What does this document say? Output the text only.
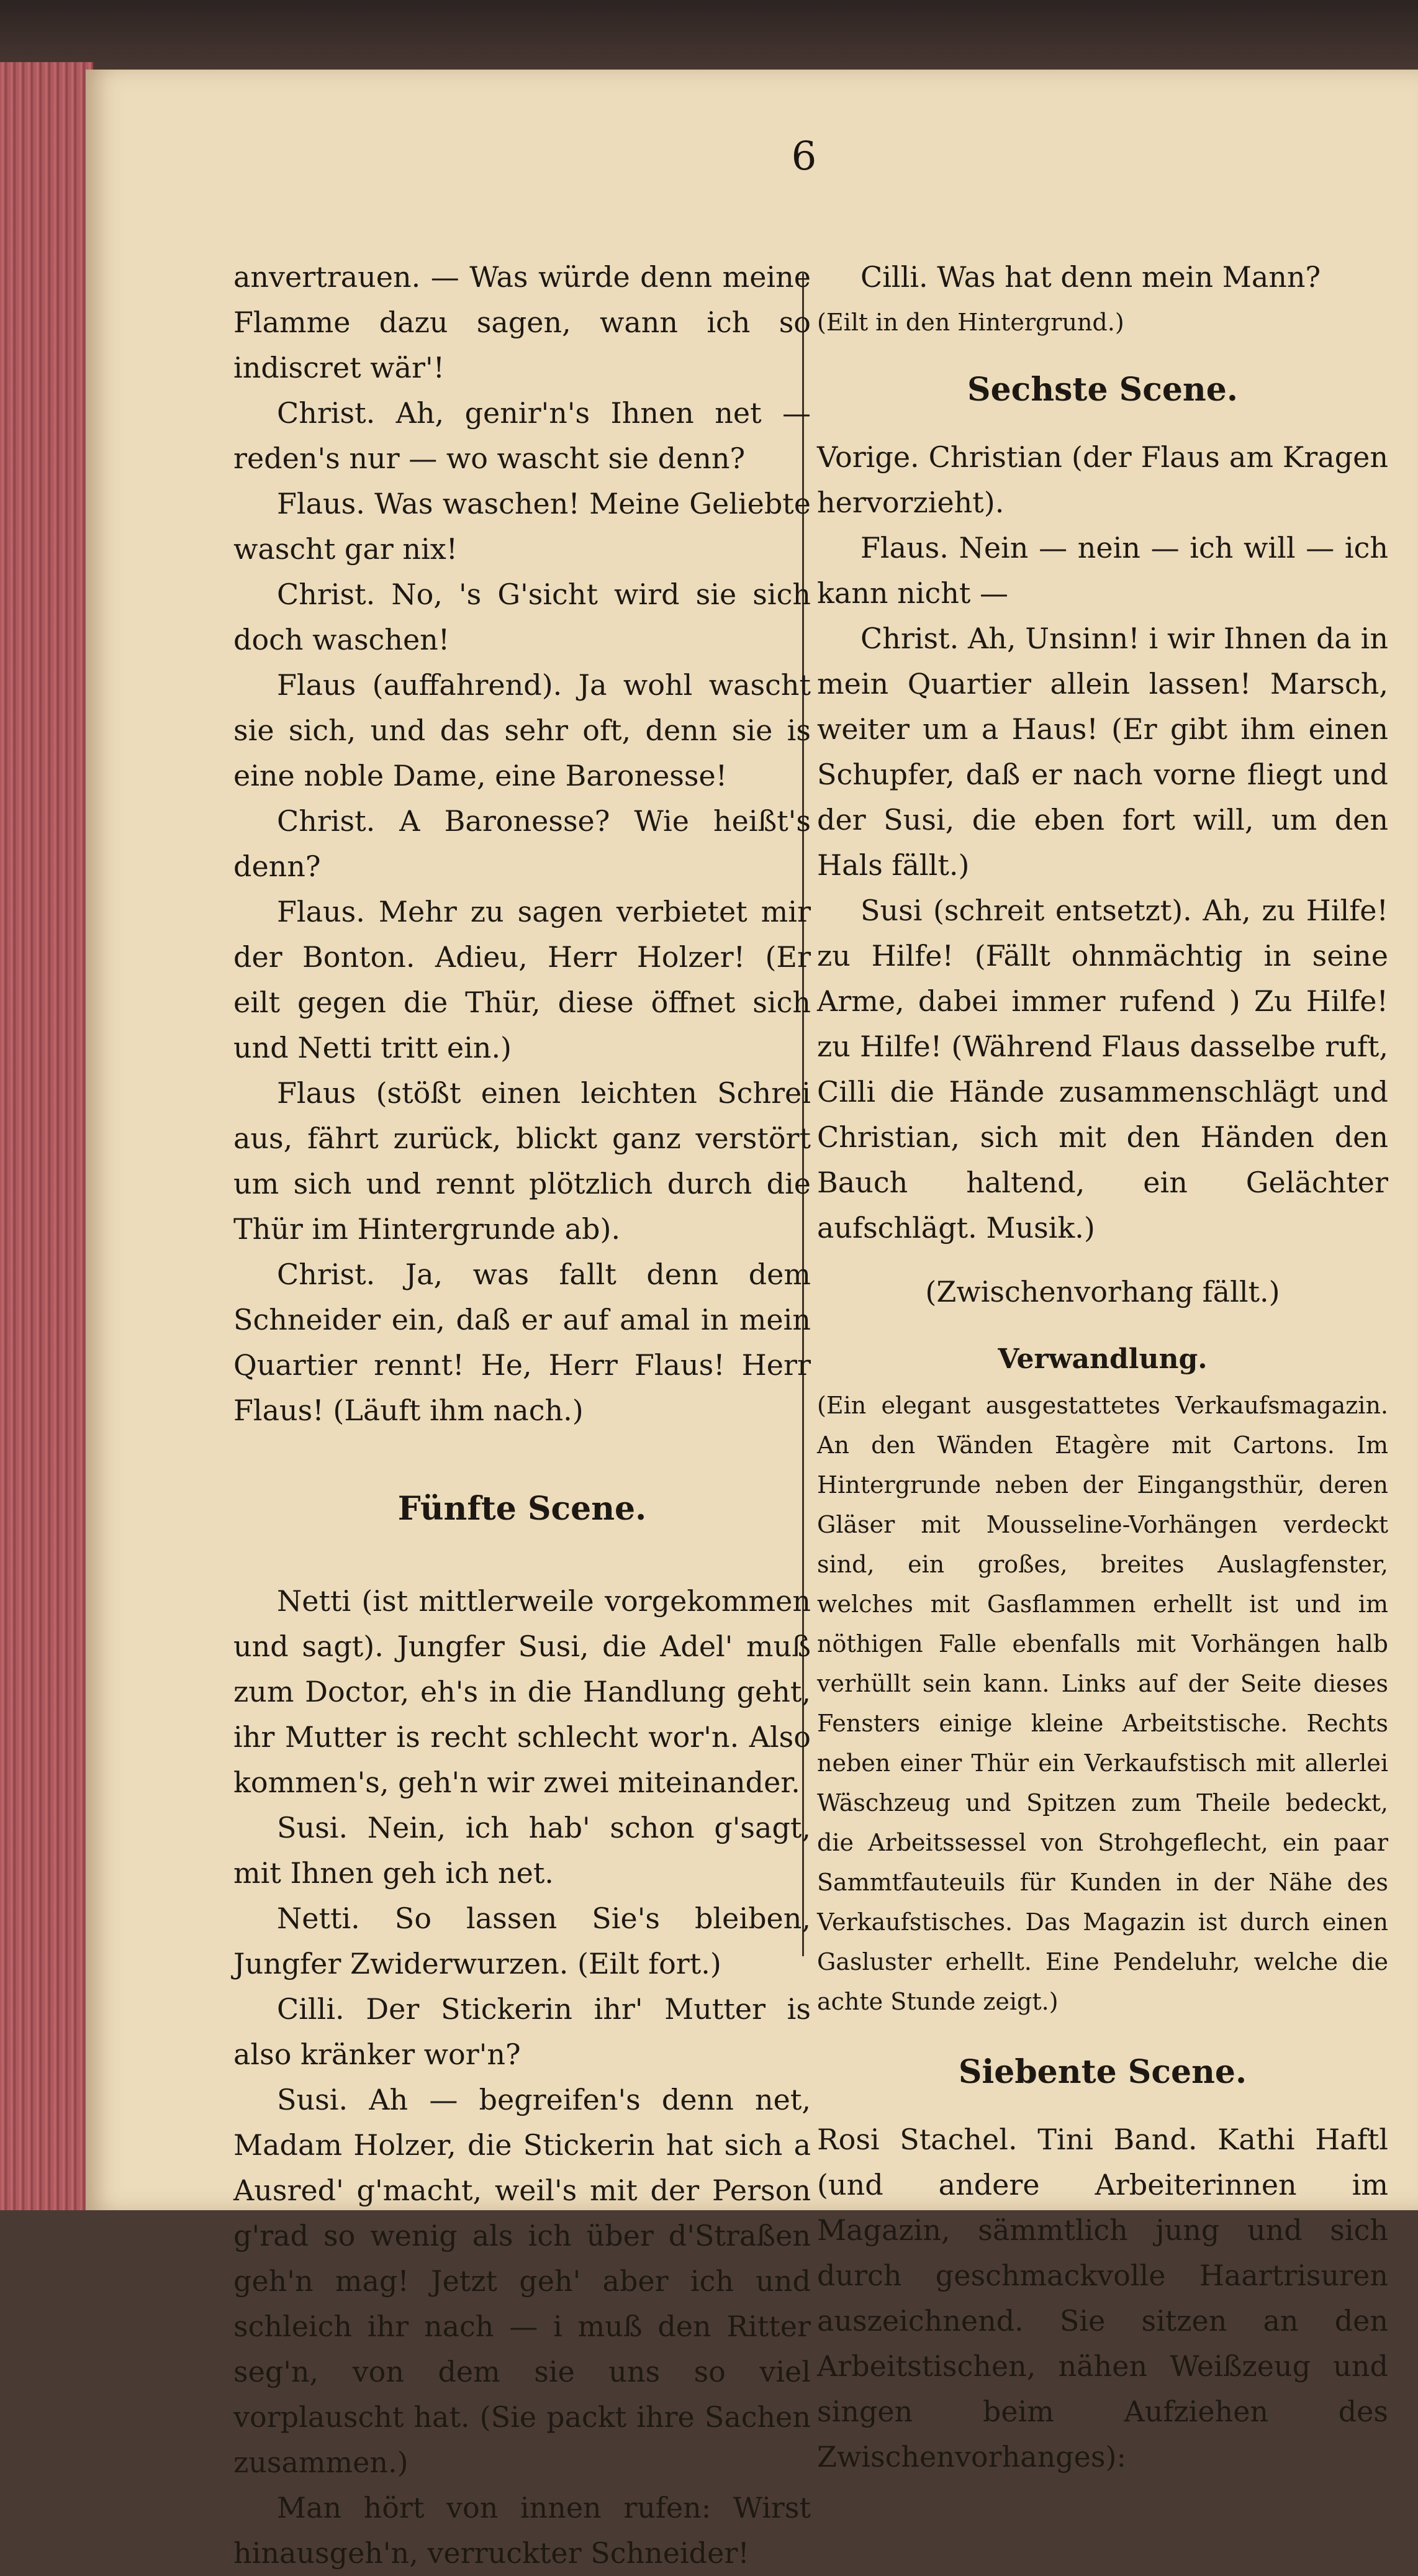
6

anvertrauen. — Was würde denn meine Flamme dazu sagen, wann ich so indiscret wär'!

Christ. Ah, genir'n's Ihnen net — reden's nur — wo wascht sie denn?

Flaus. Was waschen! Meine Geliebte wascht gar nix!

Christ. No, 's G'sicht wird sie sich doch waschen!

Flaus (auffahrend). Ja wohl wascht sie sich, und das sehr oft, denn sie is eine noble Dame, eine Baronesse!

Christ. A Baronesse? Wie heißt's denn?

Flaus. Mehr zu sagen verbietet mir der Bonton. Adieu, Herr Holzer! (Er eilt gegen die Thür, diese öffnet sich und Netti tritt ein.)

Flaus (stößt einen leichten Schrei aus, fährt zurück, blickt ganz verstört um sich und rennt plötzlich durch die Thür im Hintergrunde ab).

Christ. Ja, was fallt denn dem Schneider ein, daß er auf amal in mein Quartier rennt! He, Herr Flaus! Herr Flaus! (Läuft ihm nach.)

Fünfte Scene.

Netti (ist mittlerweile vorgekommen und sagt). Jungfer Susi, die Adel' muß zum Doctor, eh's in die Handlung geht, ihr Mutter is recht schlecht wor'n. Also kommen's, geh'n wir zwei miteinander.

Susi. Nein, ich hab' schon g'sagt, mit Ihnen geh ich net.

Netti. So lassen Sie's bleiben, Jungfer Zwiderwurzen. (Eilt fort.)

Cilli. Der Stickerin ihr' Mutter is also kränker wor'n?

Susi. Ah — begreifen's denn net, Madam Holzer, die Stickerin hat sich a Ausred' g'macht, weil's mit der Person g'rad so wenig als ich über d'Straßen geh'n mag! Jetzt geh' aber ich und schleich ihr nach — i muß den Ritter seg'n, von dem sie uns so viel vorplauscht hat. (Sie packt ihre Sachen zusammen.)

Man hört von innen rufen: Wirst hinausgeh'n, verruckter Schneider!

Cilli. Was hat denn mein Mann?

(Eilt in den Hintergrund.)

Sechste Scene.

Vorige. Christian (der Flaus am Kragen hervorzieht).

Flaus. Nein — nein — ich will — ich kann nicht —

Christ. Ah, Unsinn! i wir Ihnen da in mein Quartier allein lassen! Marsch, weiter um a Haus! (Er gibt ihm einen Schupfer, daß er nach vorne fliegt und der Susi, die eben fort will, um den Hals fällt.)

Susi (schreit entsetzt). Ah, zu Hilfe! zu Hilfe! (Fällt ohnmächtig in seine Arme, dabei immer rufend ) Zu Hilfe! zu Hilfe! (Während Flaus dasselbe ruft, Cilli die Hände zusammenschlägt und Christian, sich mit den Händen den Bauch haltend, ein Gelächter aufschlägt. Musik.)

(Zwischenvorhang fällt.)

Verwandlung.

(Ein elegant ausgestattetes Verkaufsmagazin. An den Wänden Etagère mit Cartons. Im Hintergrunde neben der Eingangsthür, deren Gläser mit Mousseline-Vorhängen verdeckt sind, ein großes, breites Auslagfenster, welches mit Gasflammen erhellt ist und im nöthigen Falle ebenfalls mit Vorhängen halb verhüllt sein kann. Links auf der Seite dieses Fensters einige kleine Arbeitstische. Rechts neben einer Thür ein Verkaufstisch mit allerlei Wäschzeug und Spitzen zum Theile bedeckt, die Arbeitssessel von Strohgeflecht, ein paar Sammtfauteuils für Kunden in der Nähe des Verkaufstisches. Das Magazin ist durch einen Gasluster erhellt. Eine Pendeluhr, welche die achte Stunde zeigt.)

Siebente Scene.

Rosi Stachel. Tini Band. Kathi Haftl (und andere Arbeiterinnen im Magazin, sämmtlich jung und sich durch geschmackvolle Haartrisuren auszeichnend. Sie sitzen an den Arbeitstischen, nähen Weißzeug und singen beim Aufziehen des Zwischenvorhanges):
